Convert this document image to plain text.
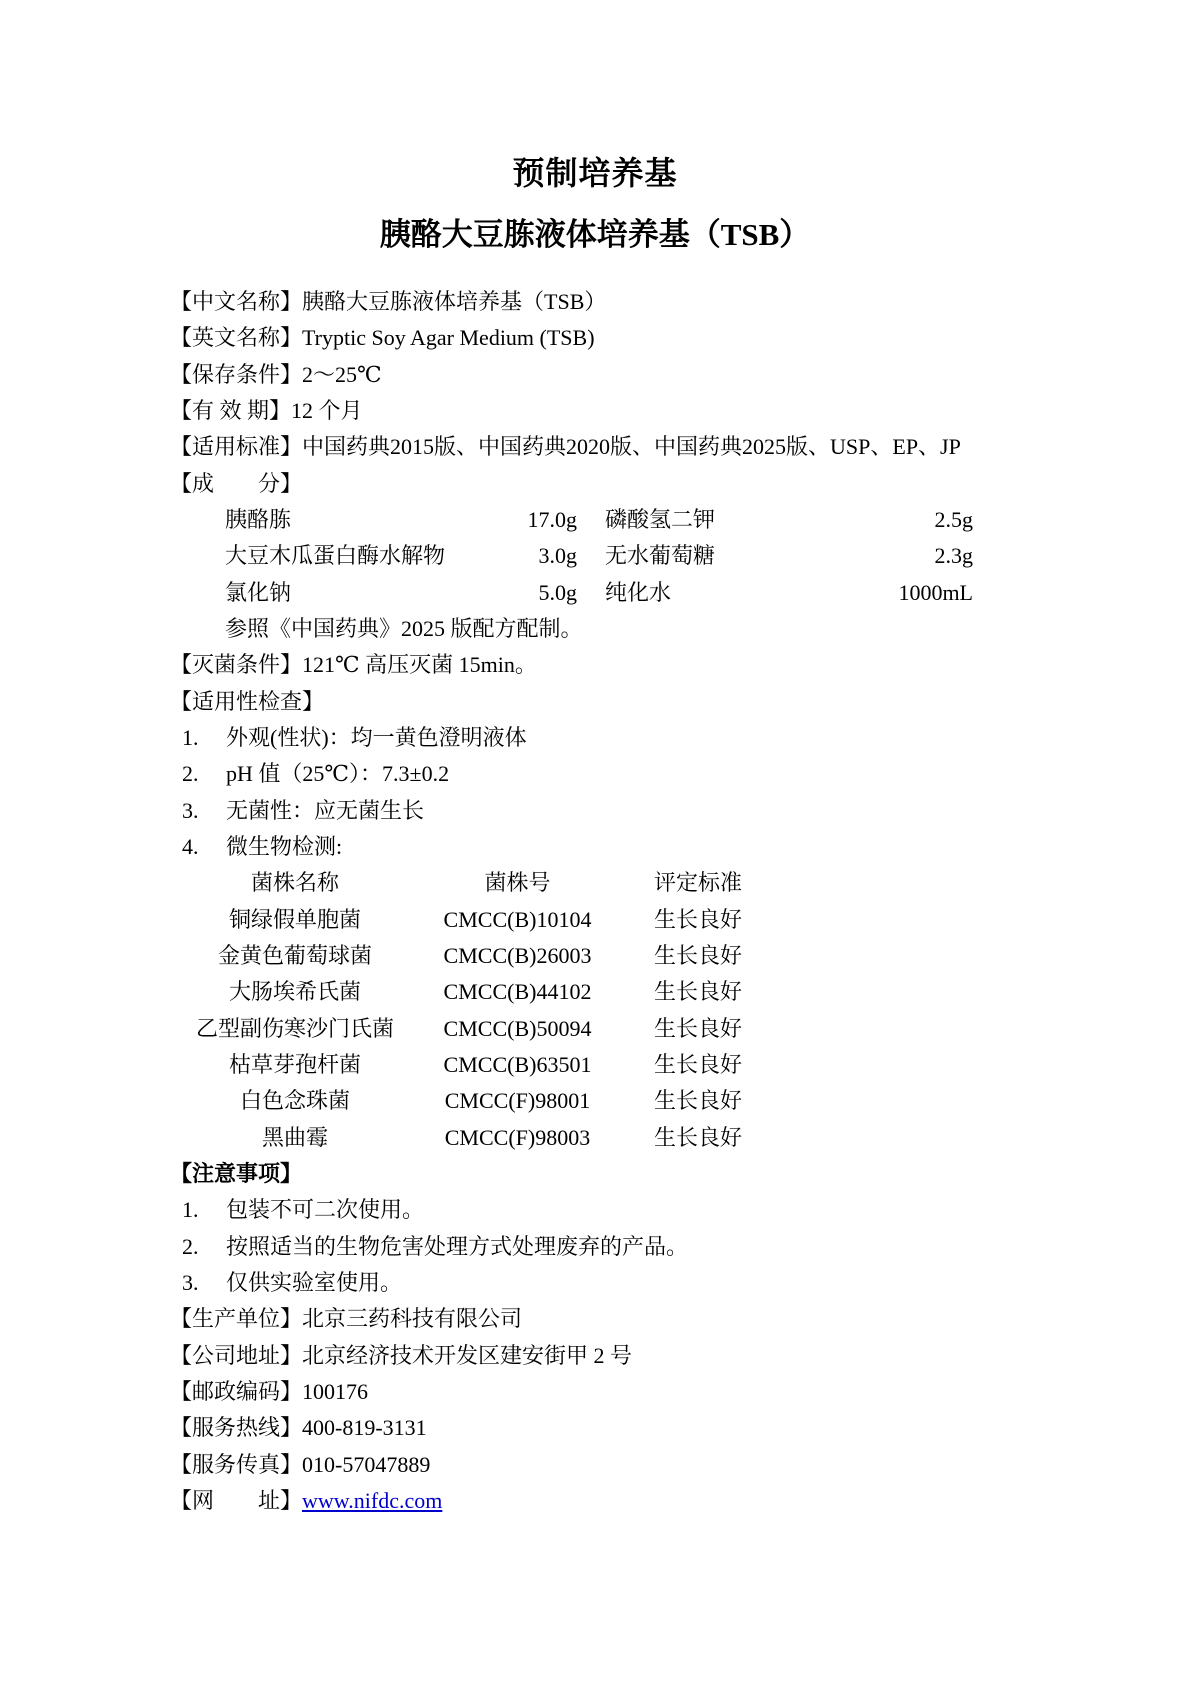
预制培养基
胰酪大豆胨液体培养基（TSB）
【中文名称】胰酪大豆胨液体培养基（TSB）
【英文名称】Tryptic Soy Agar Medium (TSB)
【保存条件】2～25℃
【有 效 期】12 个月
【适用标准】中国药典2015版、中国药典2020版、中国药典2025版、USP、EP、JP
【成　　分】
胰酪胨	17.0g 磷酸氢二钾	2.5g
大豆木瓜蛋白酶水解物	3.0g 无水葡萄糖	2.3g
氯化钠	5.0g 纯化水	1000mL
参照《中国药典》2025 版配方配制。
【灭菌条件】121℃ 高压灭菌 15min。
【适用性检查】
1.	外观(性状)：均一黄色澄明液体
2.	pH 值（25℃）：7.3±0.2
3.	无菌性：应无菌生长
4.	微生物检测:
菌株名称	菌株号	评定标准
铜绿假单胞菌	CMCC(B)10104	生长良好
金黄色葡萄球菌	CMCC(B)26003	生长良好
大肠埃希氏菌	CMCC(B)44102	生长良好
乙型副伤寒沙门氏菌	CMCC(B)50094	生长良好
枯草芽孢杆菌	CMCC(B)63501	生长良好
白色念珠菌	CMCC(F)98001	生长良好
黑曲霉	CMCC(F)98003	生长良好
【注意事项】
1.	包装不可二次使用。
2.	按照适当的生物危害处理方式处理废弃的产品。
3.	仅供实验室使用。
【生产单位】北京三药科技有限公司
【公司地址】北京经济技术开发区建安街甲 2 号
【邮政编码】100176
【服务热线】400-819-3131
【服务传真】010-57047889
【网　　址】www.nifdc.com
